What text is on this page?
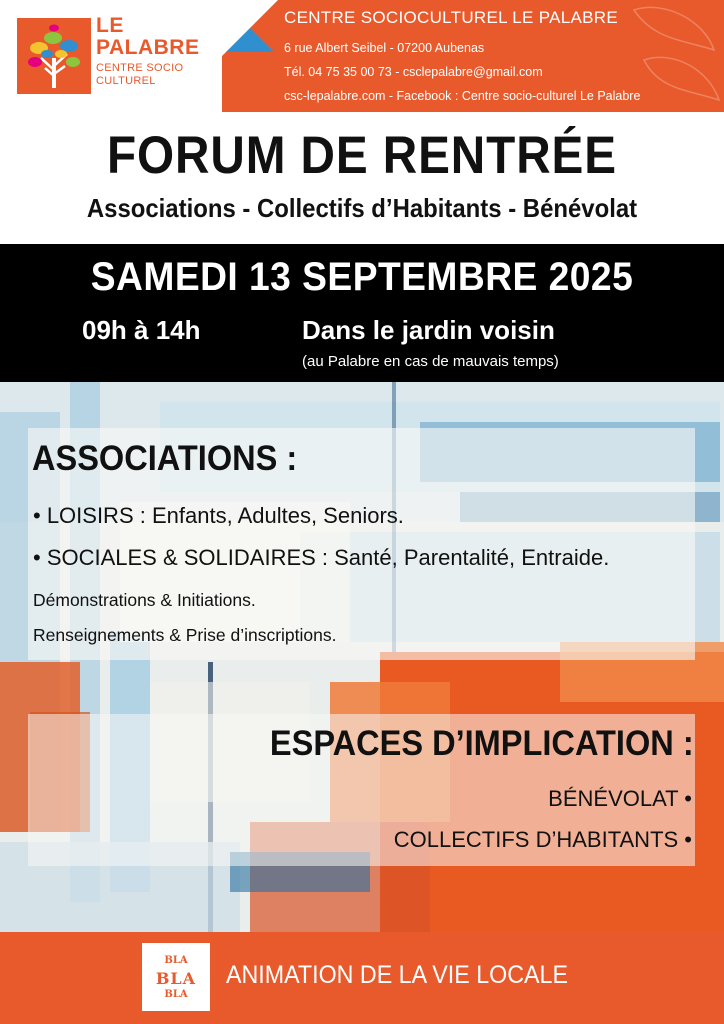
LE
PALABRE
CENTRE SOCIO
CULTUREL
CENTRE SOCIOCULTUREL LE PALABRE
6 rue Albert Seibel - 07200 Aubenas
Tél. 04 75 35 00 73 - csclepalabre@gmail.com
csc-lepalabre.com - Facebook : Centre socio-culturel Le Palabre
FORUM DE RENTRÉE
Associations - Collectifs d’Habitants - Bénévolat
SAMEDI 13 SEPTEMBRE 2025
09h à 14h	Dans le jardin voisin
(au Palabre en cas de mauvais temps)
ASSOCIATIONS :
• LOISIRS : Enfants, Adultes, Seniors.
• SOCIALES & SOLIDAIRES : Santé, Parentalité, Entraide.
Démonstrations & Initiations.
Renseignements & Prise d’inscriptions.
ESPACES D’IMPLICATION :
BÉNÉVOLAT •
COLLECTIFS D’HABITANTS •
BLA
BLA
BLA
ANIMATION DE LA VIE LOCALE
